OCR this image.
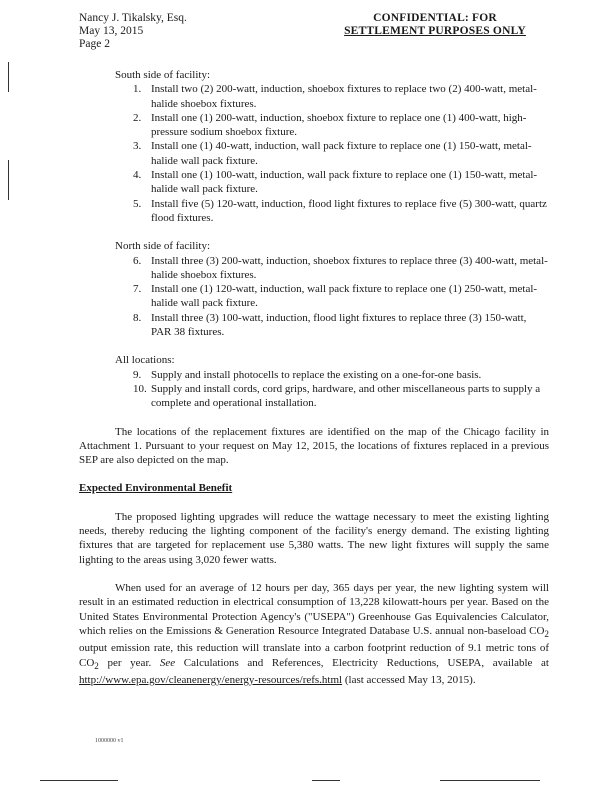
Nancy J. Tikalsky, Esq.
May 13, 2015
Page 2
CONFIDENTIAL: FOR
SETTLEMENT PURPOSES ONLY

South side of facility:

1. Install two (2) 200-watt, induction, shoebox fixtures to replace two (2) 400-watt, metal-halide shoebox fixtures.
2. Install one (1) 200-watt, induction, shoebox fixture to replace one (1) 400-watt, high-pressure sodium shoebox fixture.
3. Install one (1) 40-watt, induction, wall pack fixture to replace one (1) 150-watt, metal-halide wall pack fixture.
4. Install one (1) 100-watt, induction, wall pack fixture to replace one (1) 150-watt, metal-halide wall pack fixture.
5. Install five (5) 120-watt, induction, flood light fixtures to replace five (5) 300-watt, quartz flood fixtures.

North side of facility:

6. Install three (3) 200-watt, induction, shoebox fixtures to replace three (3) 400-watt, metal-halide shoebox fixtures.
7. Install one (1) 120-watt, induction, wall pack fixture to replace one (1) 250-watt, metal-halide wall pack fixture.
8. Install three (3) 100-watt, induction, flood light fixtures to replace three (3) 150-watt, PAR 38 fixtures.

All locations:

9. Supply and install photocells to replace the existing on a one-for-one basis.
10. Supply and install cords, cord grips, hardware, and other miscellaneous parts to supply a complete and operational installation.

The locations of the replacement fixtures are identified on the map of the Chicago facility in Attachment 1. Pursuant to your request on May 12, 2015, the locations of fixtures replaced in a previous SEP are also depicted on the map.

Expected Environmental Benefit

The proposed lighting upgrades will reduce the wattage necessary to meet the existing lighting needs, thereby reducing the lighting component of the facility's energy demand. The existing lighting fixtures that are targeted for replacement use 5,380 watts. The new light fixtures will supply the same lighting to the areas using 3,020 fewer watts.

When used for an average of 12 hours per day, 365 days per year, the new lighting system will result in an estimated reduction in electrical consumption of 13,228 kilowatt-hours per year. Based on the United States Environmental Protection Agency's ("USEPA") Greenhouse Gas Equivalencies Calculator, which relies on the Emissions & Generation Resource Integrated Database U.S. annual non-baseload $CO_2$ output emission rate, this reduction will translate into a carbon footprint reduction of 9.1 metric tons of $CO_2$ per year. See Calculations and References, Electricity Reductions, USEPA, available at http://www.epa.gov/cleanenergy/energy-resources/refs.html (last accessed May 13, 2015).

1000000 v1
